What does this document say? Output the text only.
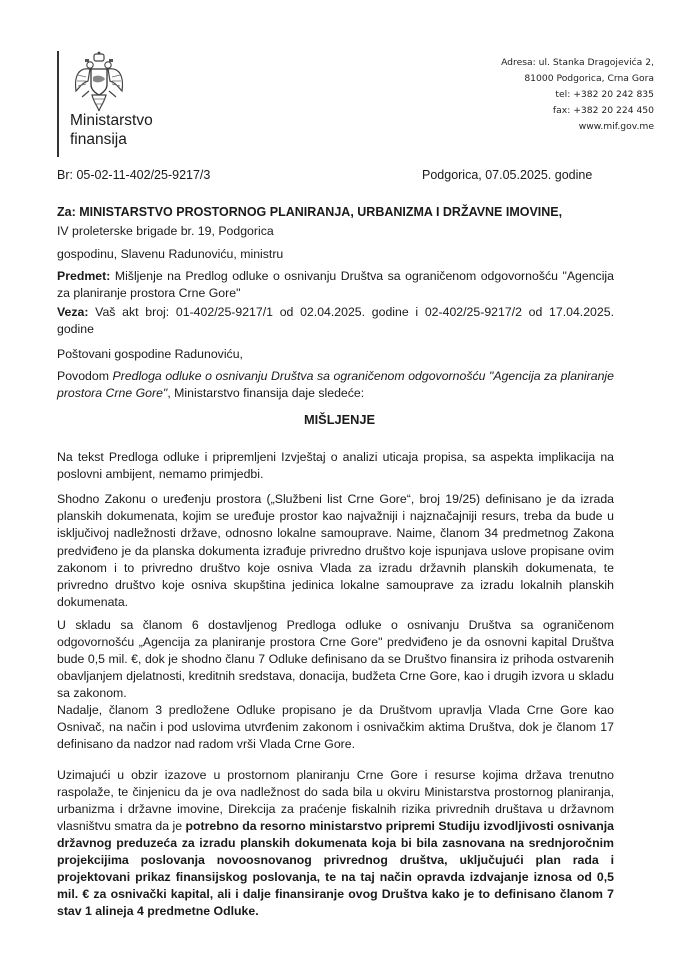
Ministarstvo
finansija
Adresa: ul. Stanka Dragojevića 2,
81000 Podgorica, Crna Gora
tel: +382 20 242 835
fax: +382 20 224 450
www.mif.gov.me
Br: 05-02-11-402/25-9217/3	Podgorica, 07.05.2025. godine
Za: MINISTARSTVO PROSTORNOG PLANIRANJA, URBANIZMA I DRŽAVNE IMOVINE,
IV proleterske brigade br. 19, Podgorica
gospodinu, Slavenu Radunoviću, ministru
Predmet: Mišljenje na Predlog odluke o osnivanju Društva sa ograničenom odgovornošću "Agencija za planiranje prostora Crne Gore"
Veza: Vaš akt broj: 01-402/25-9217/1 od 02.04.2025. godine i 02-402/25-9217/2 od 17.04.2025. godine
Poštovani gospodine Radunoviću,
Povodom Predloga odluke o osnivanju Društva sa ograničenom odgovornošću "Agencija za planiranje prostora Crne Gore", Ministarstvo finansija daje sledeće:
MIŠLJENJE
Na tekst Predloga odluke i pripremljeni Izvještaj o analizi uticaja propisa, sa aspekta implikacija na poslovni ambijent, nemamo primjedbi.
Shodno Zakonu o uređenju prostora („Službeni list Crne Gore“, broj 19/25) definisano je da izrada planskih dokumenata, kojim se uređuje prostor kao najvažniji i najznačajniji resurs, treba da bude u isključivoj nadležnosti države, odnosno lokalne samouprave. Naime, članom 34 predmetnog Zakona predviđeno je da planska dokumenta izrađuje privredno društvo koje ispunjava uslove propisane ovim zakonom i to privredno društvo koje osniva Vlada za izradu državnih planskih dokumenata, te privredno društvo koje osniva skupština jedinica lokalne samouprave za izradu lokalnih planskih dokumenata.
U skladu sa članom 6 dostavljenog Predloga odluke o osnivanju Društva sa ograničenom odgovornošću „Agencija za planiranje prostora Crne Gore" predviđeno je da osnovni kapital Društva bude 0,5 mil. €, dok je shodno članu 7 Odluke definisano da se Društvo finansira iz prihoda ostvarenih obavljanjem djelatnosti, kreditnih sredstava, donacija, budžeta Crne Gore, kao i drugih izvora u skladu sa zakonom.
Nadalje, članom 3 predložene Odluke propisano je da Društvom upravlja Vlada Crne Gore kao Osnivač, na način i pod uslovima utvrđenim zakonom i osnivačkim aktima Društva, dok je članom 17 definisano da nadzor nad radom vrši Vlada Crne Gore.
Uzimajući u obzir izazove u prostornom planiranju Crne Gore i resurse kojima država trenutno raspolaže, te činjenicu da je ova nadležnost do sada bila u okviru Ministarstva prostornog planiranja, urbanizma i državne imovine, Direkcija za praćenje fiskalnih rizika privrednih društava u državnom vlasništvu smatra da je potrebno da resorno ministarstvo pripremi Studiju izvodljivosti osnivanja državnog preduzeća za izradu planskih dokumenata koja bi bila zasnovana na srednjoročnim projekcijima poslovanja novoosnovanog privrednog društva, uključujući plan rada i projektovani prikaz finansijskog poslovanja, te na taj način opravda izdvajanje iznosa od 0,5 mil. € za osnivački kapital, ali i dalje finansiranje ovog Društva kako je to definisano članom 7 stav 1 alineja 4 predmetne Odluke.
